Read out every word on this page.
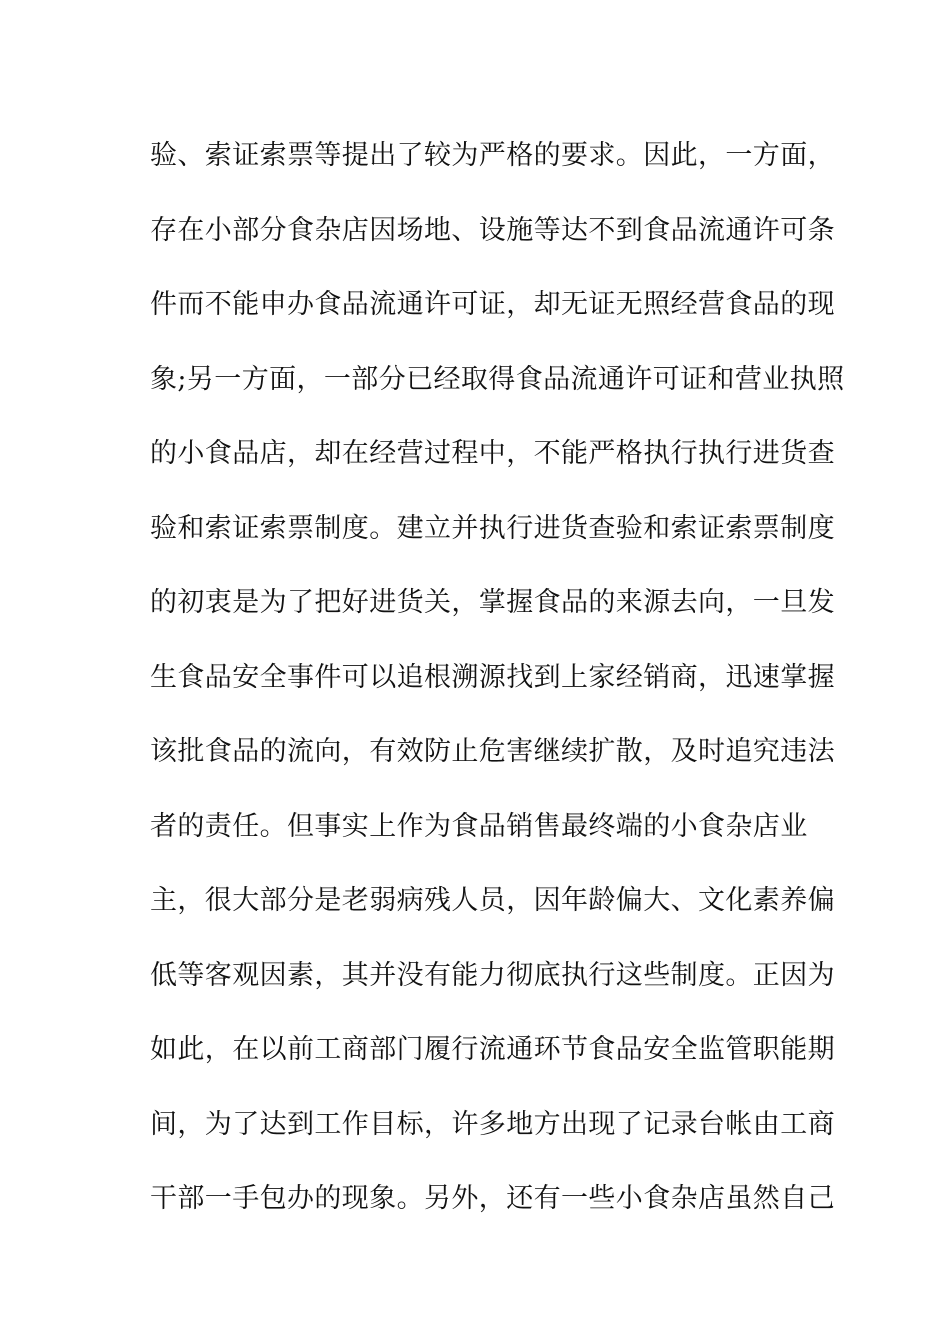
验、索证索票等提出了较为严格的要求。因此，一方面，
存在小部分食杂店因场地、设施等达不到食品流通许可条
件而不能申办食品流通许可证，却无证无照经营食品的现
象;另一方面，一部分已经取得食品流通许可证和营业执照
的小食品店，却在经营过程中，不能严格执行执行进货查
验和索证索票制度。建立并执行进货查验和索证索票制度
的初衷是为了把好进货关，掌握食品的来源去向，一旦发
生食品安全事件可以追根溯源找到上家经销商，迅速掌握
该批食品的流向，有效防止危害继续扩散，及时追究违法
者的责任。但事实上作为食品销售最终端的小食杂店业
主，很大部分是老弱病残人员，因年龄偏大、文化素养偏
低等客观因素，其并没有能力彻底执行这些制度。正因为
如此，在以前工商部门履行流通环节食品安全监管职能期
间，为了达到工作目标，许多地方出现了记录台帐由工商
干部一手包办的现象。另外，还有一些小食杂店虽然自己
